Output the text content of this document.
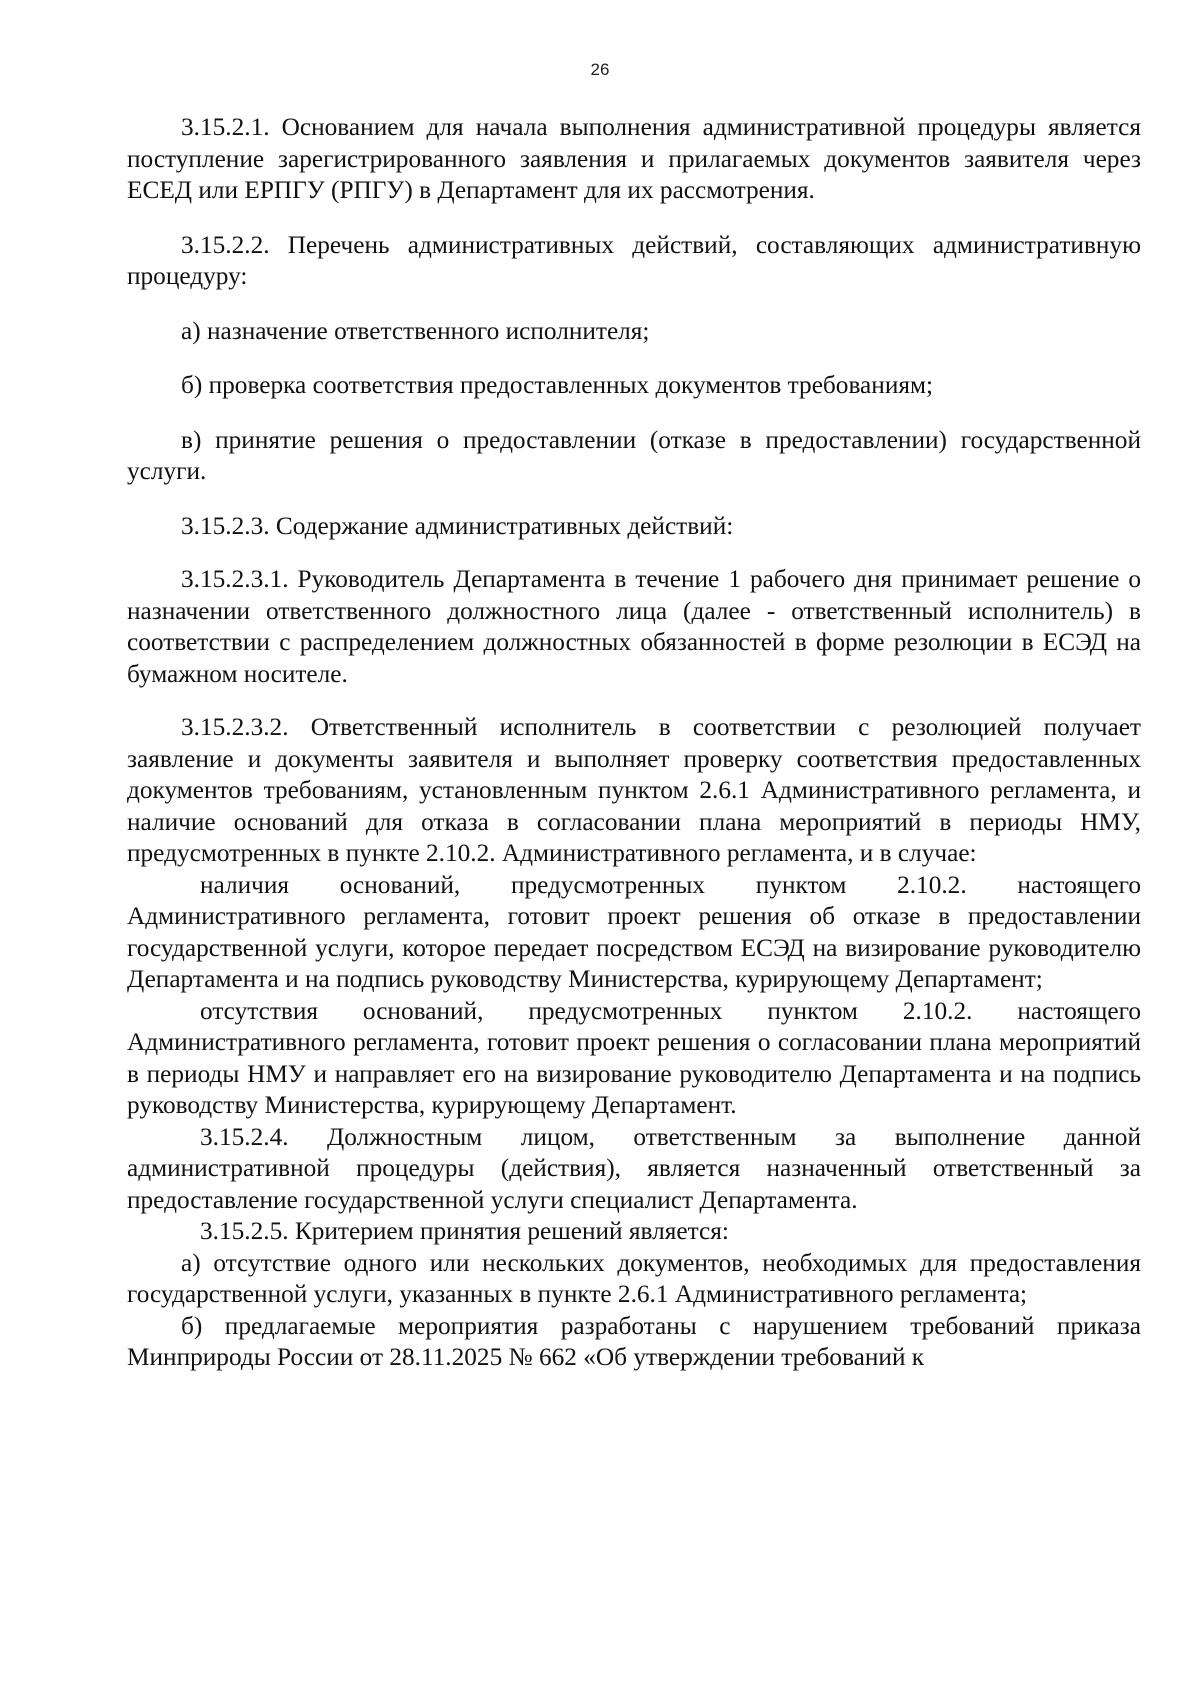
26

3.15.2.1. Основанием для начала выполнения административной процедуры является поступление зарегистрированного заявления и прилагаемых документов заявителя через ЕСЕД или ЕРПГУ (РПГУ) в Департамент для их рассмотрения.

3.15.2.2. Перечень административных действий, составляющих административную процедуру:

а) назначение ответственного исполнителя;

б) проверка соответствия предоставленных документов требованиям;

в) принятие решения о предоставлении (отказе в предоставлении) государственной услуги.

3.15.2.3. Содержание административных действий:

3.15.2.3.1. Руководитель Департамента в течение 1 рабочего дня принимает решение о назначении ответственного должностного лица (далее - ответственный исполнитель) в соответствии с распределением должностных обязанностей в форме резолюции в ЕСЭД на бумажном носителе.

3.15.2.3.2. Ответственный исполнитель в соответствии с резолюцией получает заявление и документы заявителя и выполняет проверку соответствия предоставленных документов требованиям, установленным пунктом 2.6.1 Административного регламента, и наличие оснований для отказа в согласовании плана мероприятий в периоды НМУ, предусмотренных в пункте 2.10.2. Административного регламента, и в случае:

наличия оснований, предусмотренных пунктом 2.10.2. настоящего Административного регламента, готовит проект решения об отказе в предоставлении государственной услуги, которое передает посредством ЕСЭД на визирование руководителю Департамента и на подпись руководству Министерства, курирующему Департамент;

отсутствия оснований, предусмотренных пунктом 2.10.2. настоящего Административного регламента, готовит проект решения о согласовании плана мероприятий в периоды НМУ и направляет его на визирование руководителю Департамента и на подпись руководству Министерства, курирующему Департамент.

3.15.2.4. Должностным лицом, ответственным за выполнение данной административной процедуры (действия), является назначенный ответственный за предоставление государственной услуги специалист Департамента.

3.15.2.5. Критерием принятия решений является:

а) отсутствие одного или нескольких документов, необходимых для предоставления государственной услуги, указанных в пункте 2.6.1 Административного регламента;

б) предлагаемые мероприятия разработаны с нарушением требований приказа Минприроды России от 28.11.2025 № 662 «Об утверждении требований к
